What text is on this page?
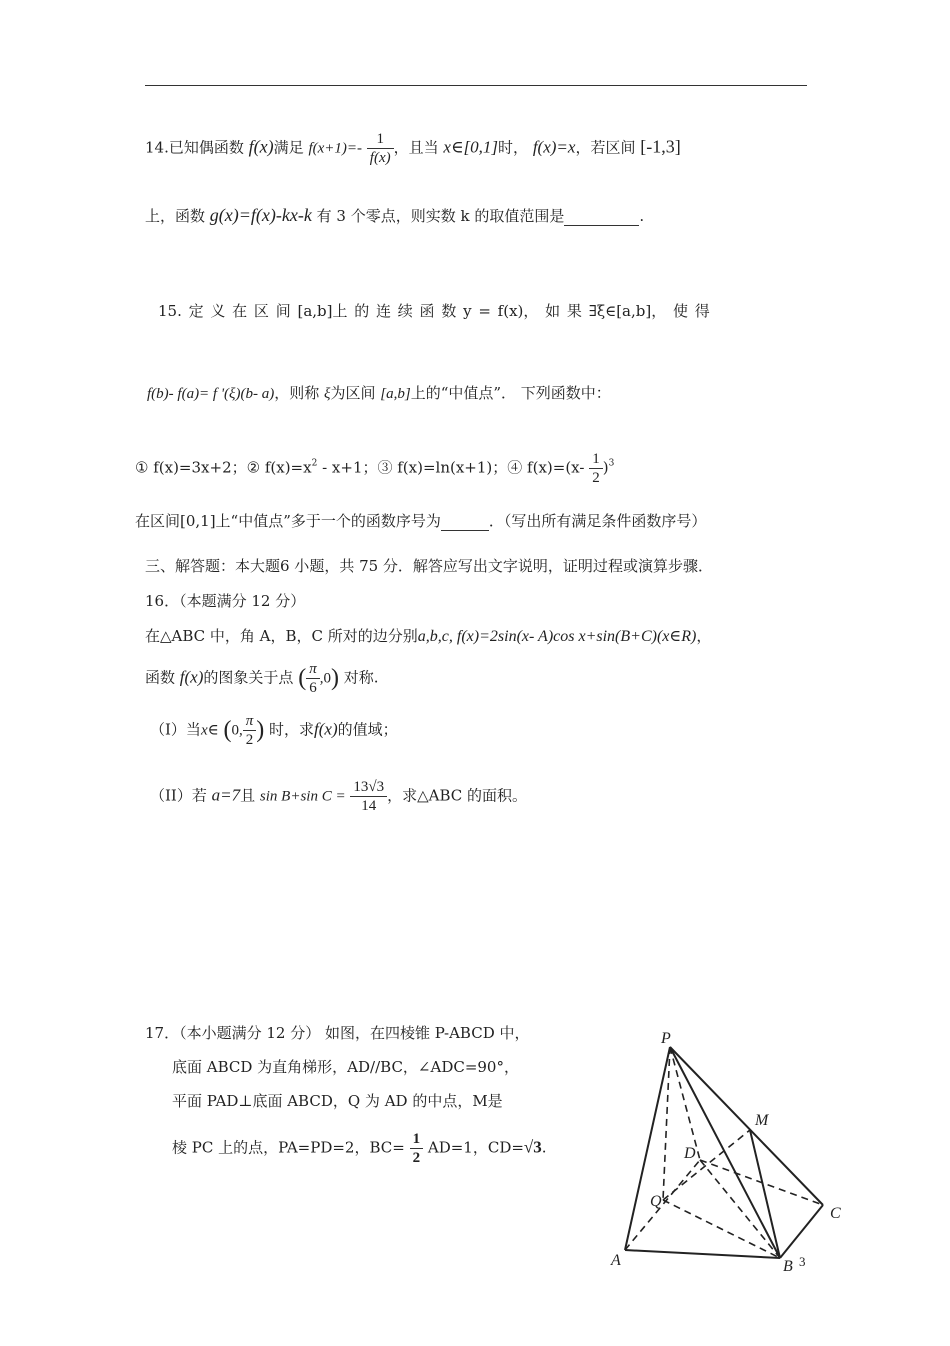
14.已知偶函数 f(x)满足 $f(x+1)=- \frac{1}{f(x)}$ ，且当 x∈[0,1]时， f(x)=x，若区间 [-1,3]
上，函数 g(x)=f(x)-kx-k 有 3 个零点，则实数 k 的取值范围是	.
15. 定 义 在 区 间 [a,b]上 的 连 续 函 数 y = f(x)， 如 果 ∃ξ∈[a,b]， 使 得
f(b)- f(a)= f '(ξ)(b- a)，则称 ξ为区间 [a,b]上的“中值点”． 下列函数中：
① f(x)=3x+2；② $f(x)=x^2 - x+1$；③ f(x)=ln(x+1)；④ $f(x)=(x- \frac{1}{2} )^3$
在区间[0,1]上“中值点”多于一个的函数序号为	．（写出所有满足条件函数序号）
三、解答题：本大题6 小题，共 75 分．解答应写出文字说明，证明过程或演算步骤．
16．（本题满分 12 分）
在△ABC 中，角 A，B，C 所对的边分别a,b,c, f(x)=2sin(x- A)cos x+sin(B+C)(x∈R)，
函数 f(x)的图象关于点 ( $\frac{\pi}{6} ,0$) 对称.
（I）当x∈ (0, $\frac{\pi}{2}$ ) 时，求f(x)的值域；
（II）若 a=7且 sin B+sin $C = \frac{13√3}{14}$ ，求△ABC 的面积。
17．（本小题满分 12 分） 如图，在四棱锥 P-ABCD 中，
底面 ABCD 为直角梯形，AD//BC，∠ADC=90°，
平面 PAD⊥底面 ABCD，Q 为 AD 的中点，M是
棱 PC 上的点，PA=PD=2，$BC= \frac{1}{2} AD=1$，CD=√3.
P
M
D
C
Q
A	B 3
